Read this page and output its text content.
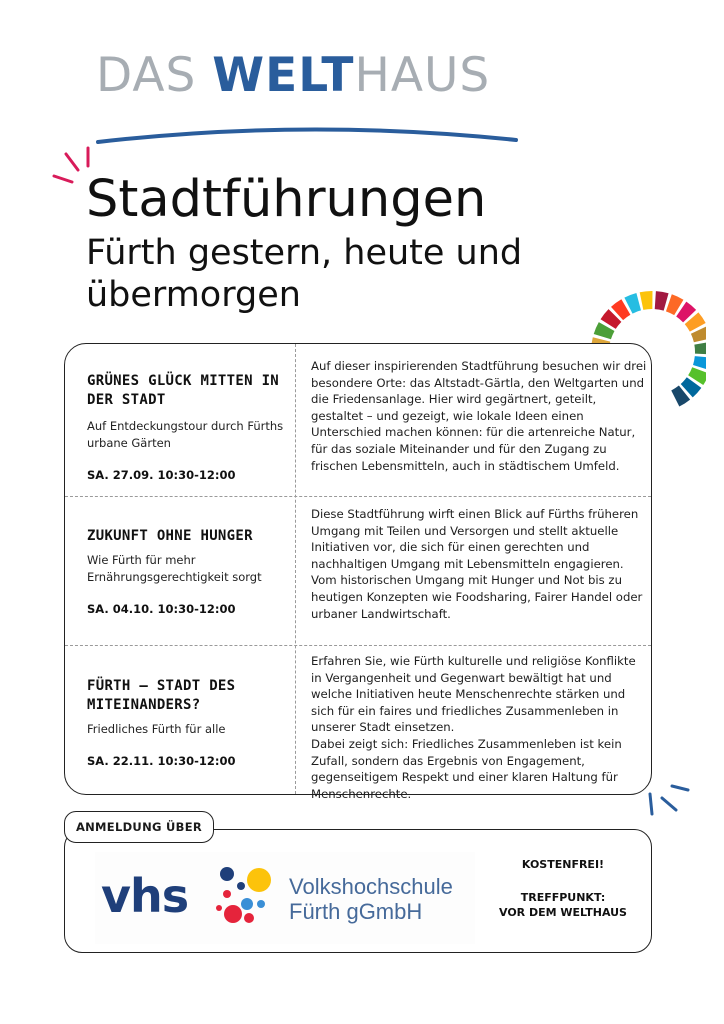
DAS WELTHAUS
Stadtführungen
Fürth gestern, heute und übermorgen
GRÜNES GLÜCK MITTEN IN DER STADT
Auf Entdeckungstour durch Fürths urbane Gärten
SA. 27.09. 10:30-12:00
Auf dieser inspirierenden Stadtführung besuchen wir drei besondere Orte: das Altstadt-Gärtla, den Weltgarten und die Friedensanlage. Hier wird gegärtnert, geteilt, gestaltet – und gezeigt, wie lokale Ideen einen Unterschied machen können: für die artenreiche Natur, für das soziale Miteinander und für den Zugang zu frischen Lebensmitteln, auch in städtischem Umfeld.
ZUKUNFT OHNE HUNGER
Wie Fürth für mehr Ernährungsgerechtigkeit sorgt
SA. 04.10. 10:30-12:00
Diese Stadtführung wirft einen Blick auf Fürths früheren Umgang mit Teilen und Versorgen und stellt aktuelle Initiativen vor, die sich für einen gerechten und nachhaltigen Umgang mit Lebensmitteln engagieren.
Vom historischen Umgang mit Hunger und Not bis zu heutigen Konzepten wie Foodsharing, Fairer Handel oder urbaner Landwirtschaft.
FÜRTH – STADT DES MITEINANDERS?
Friedliches Fürth für alle
SA. 22.11. 10:30-12:00
Erfahren Sie, wie Fürth kulturelle und religiöse Konflikte in Vergangenheit und Gegenwart bewältigt hat und welche Initiativen heute Menschenrechte stärken und sich für ein faires und friedliches Zusammenleben in unserer Stadt einsetzen.
Dabei zeigt sich: Friedliches Zusammenleben ist kein Zufall, sondern das Ergebnis von Engagement, gegenseitigem Respekt und einer klaren Haltung für Menschenrechte.
ANMELDUNG ÜBER
vhs	Volkshochschule
Fürth gGmbH
KOSTENFREI!
TREFFPUNKT:
VOR DEM WELTHAUS
